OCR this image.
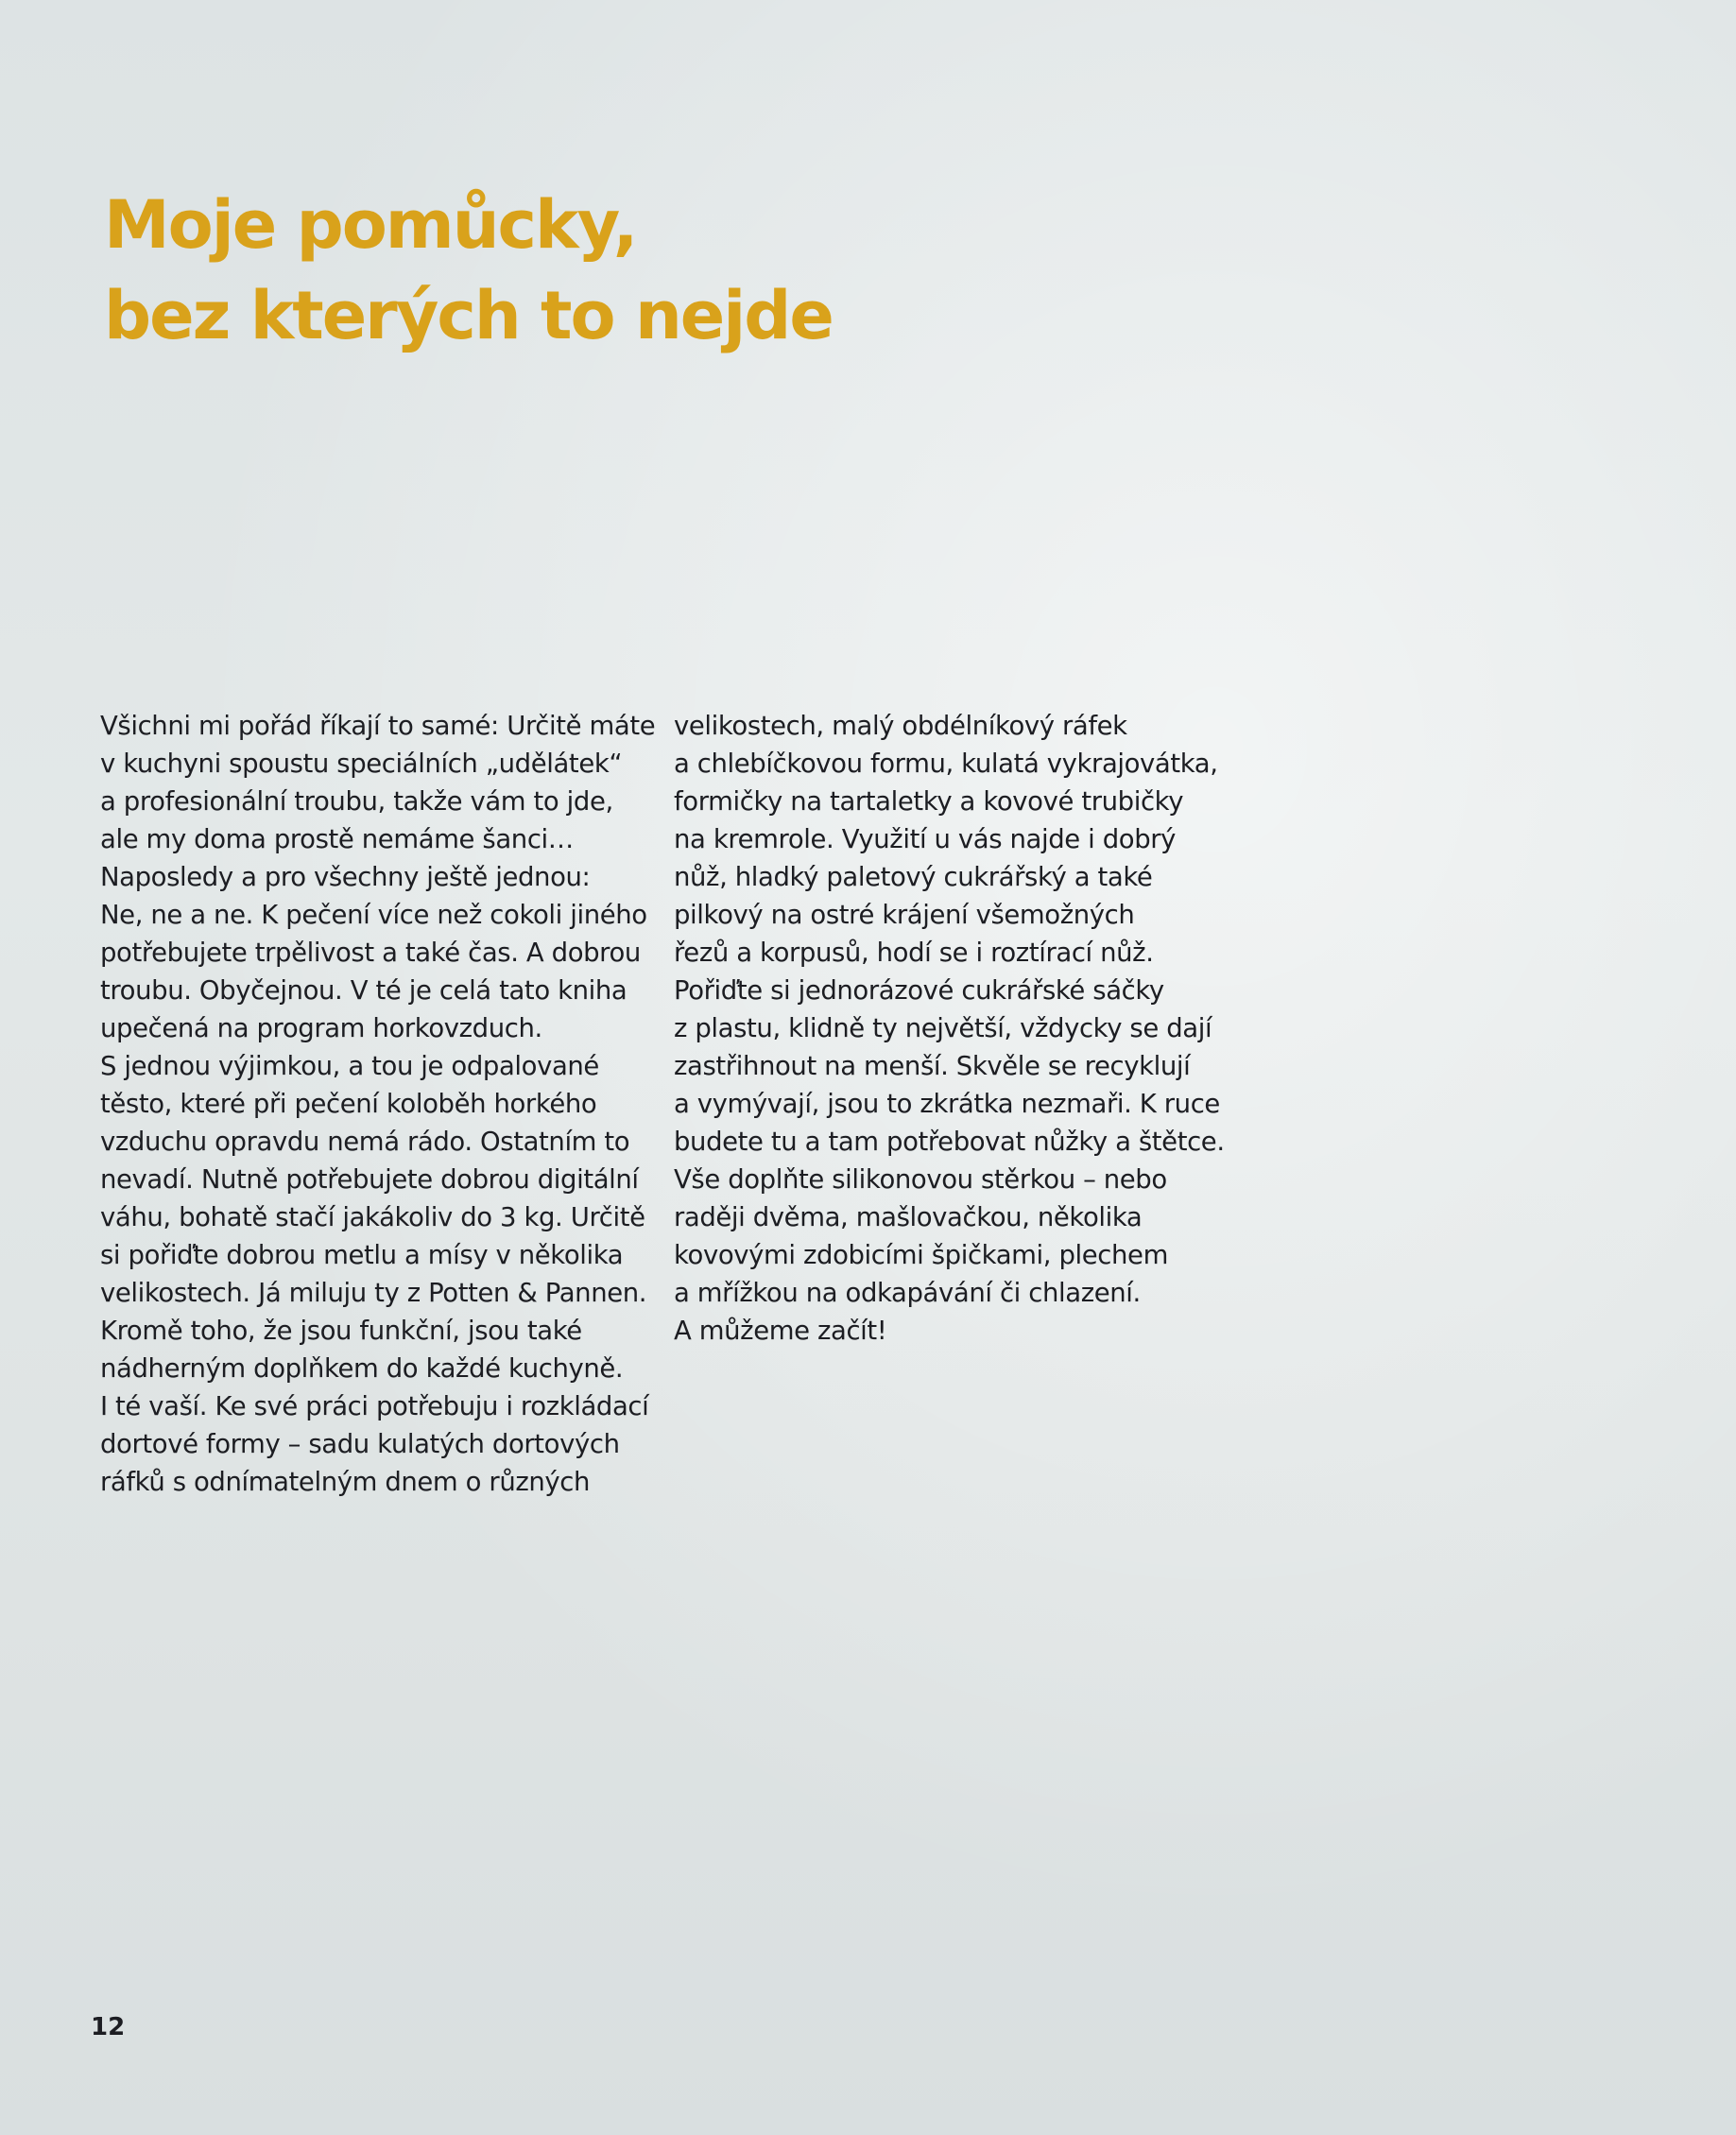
Moje pomůcky,
bez kterých to nejde
Všichni mi pořád říkají to samé: Určitě máte
v kuchyni spoustu speciálních „udělátek“
a profesionální troubu, takže vám to jde,
ale my doma prostě nemáme šanci…
Naposledy a pro všechny ještě jednou:
Ne, ne a ne. K pečení více než cokoli jiného
potřebujete trpělivost a také čas. A dobrou
troubu. Obyčejnou. V té je celá tato kniha
upečená na program horkovzduch.
S jednou výjimkou, a tou je odpalované
těsto, které při pečení koloběh horkého
vzduchu opravdu nemá rádo. Ostatním to
nevadí. Nutně potřebujete dobrou digitální
váhu, bohatě stačí jakákoliv do 3 kg. Určitě
si pořiďte dobrou metlu a mísy v několika
velikostech. Já miluju ty z Potten & Pannen.
Kromě toho, že jsou funkční, jsou také
nádherným doplňkem do každé kuchyně.
I té vaší. Ke své práci potřebuju i rozkládací
dortové formy – sadu kulatých dortových
ráfků s odnímatelným dnem o různých
velikostech, malý obdélníkový ráfek
a chlebíčkovou formu, kulatá vykrajovátka,
formičky na tartaletky a kovové trubičky
na kremrole. Využití u vás najde i dobrý
nůž, hladký paletový cukrářský a také
pilkový na ostré krájení všemožných
řezů a korpusů, hodí se i roztírací nůž.
Pořiďte si jednorázové cukrářské sáčky
z plastu, klidně ty největší, vždycky se dají
zastřihnout na menší. Skvěle se recyklují
a vymývají, jsou to zkrátka nezmaři. K ruce
budete tu a tam potřebovat nůžky a štětce.
Vše doplňte silikonovou stěrkou – nebo
raději dvěma, mašlovačkou, několika
kovovými zdobicími špičkami, plechem
a mřížkou na odkapávání či chlazení.
A můžeme začít!
12
